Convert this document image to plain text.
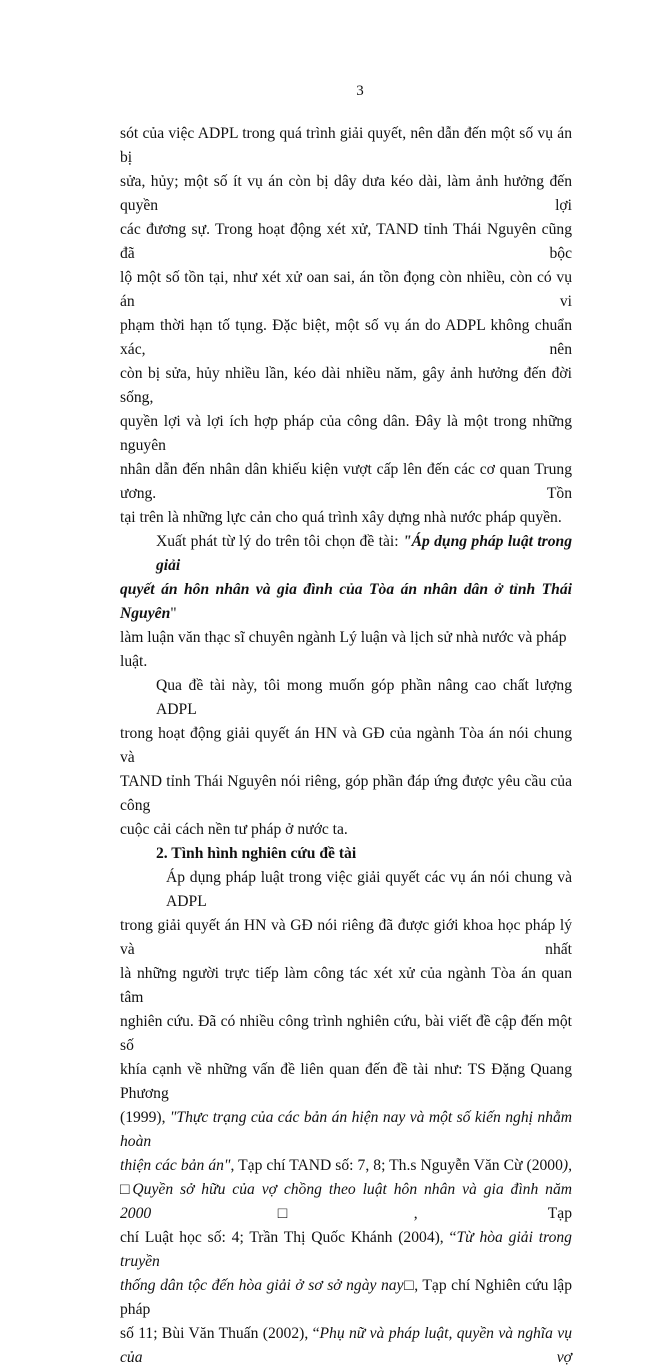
3
sót của việc ADPL trong quá trình giải quyết, nên dẫn đến một số vụ án bị
sửa, hủy; một số ít vụ án còn bị dây dưa kéo dài, làm ảnh hưởng đến quyền lợi
các đương sự. Trong hoạt động xét xử, TAND tỉnh Thái Nguyên cũng đã bộc
lộ một số tồn tại, như xét xử oan sai, án tồn đọng còn nhiều, còn có vụ án vi
phạm thời hạn tố tụng. Đặc biệt, một số vụ án do ADPL không chuẩn xác, nên
còn bị sửa, hủy nhiều lần, kéo dài nhiều năm, gây ảnh hưởng đến đời sống,
quyền lợi và lợi ích hợp pháp của công dân. Đây là một trong những nguyên
nhân dẫn đến nhân dân khiếu kiện vượt cấp lên đến các cơ quan Trung ương. Tồn
tại trên là những lực cản cho quá trình xây dựng nhà nước pháp quyền.
Xuất phát từ lý do trên tôi chọn đề tài: "Áp dụng pháp luật trong giải
quyết án hôn nhân và gia đình của Tòa án nhân dân ở tỉnh Thái Nguyên"
làm luận văn thạc sĩ chuyên ngành Lý luận và lịch sử nhà nước và pháp luật.
Qua đề tài này, tôi mong muốn góp phần nâng cao chất lượng ADPL
trong hoạt động giải quyết án HN và GĐ của ngành Tòa án nói chung và
TAND tỉnh Thái Nguyên nói riêng, góp phần đáp ứng được yêu cầu của công
cuộc cải cách nền tư pháp ở nước ta.
2. Tình hình nghiên cứu đề tài
Áp dụng pháp luật trong việc giải quyết các vụ án nói chung và ADPL
trong giải quyết án HN và GĐ nói riêng đã được giới khoa học pháp lý và nhất
là những người trực tiếp làm công tác xét xử của ngành Tòa án quan tâm
nghiên cứu. Đã có nhiều công trình nghiên cứu, bài viết đề cập đến một số
khía cạnh về những vấn đề liên quan đến đề tài như: TS Đặng Quang Phương
(1999), "Thực trạng của các bản án hiện nay và một số kiến nghị nhằm hoàn
thiện các bản án", Tạp chí TAND số: 7, 8; Th.s Nguyễn Văn Cừ (2000),
□Quyền sở hữu của vợ chồng theo luật hôn nhân và gia đình năm 2000□, Tạp
chí Luật học số: 4; Trần Thị Quốc Khánh (2004), “Từ hòa giải trong truyền
thống dân tộc đến hòa giải ở sơ sở ngày nay□, Tạp chí Nghiên cứu lập pháp
số 11; Bùi Văn Thuấn (2002), “Phụ nữ và pháp luật, quyền và nghĩa vụ của vợ
